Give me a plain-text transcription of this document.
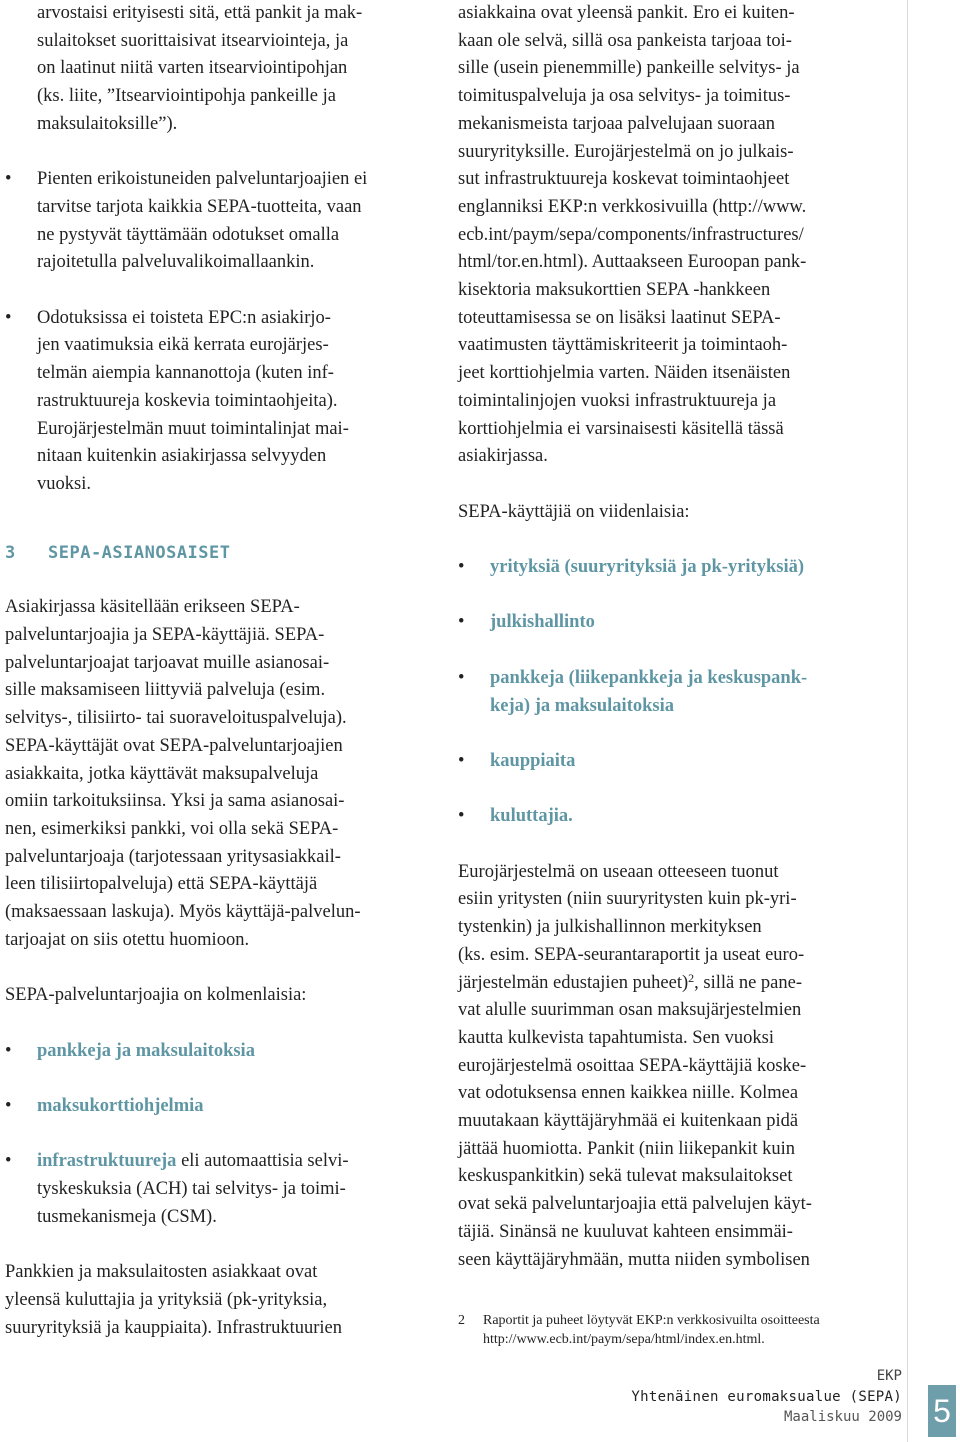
arvostaisi erityisesti sitä, että pankit ja mak-

sulaitokset suorittaisivat itsearviointeja, ja

on laatinut niitä varten itsearviointipohjan

(ks. liite, ”Itsearviointipohja pankeille ja

maksulaitoksille”).

• Pienten erikoistuneiden palveluntarjoajien ei

tarvitse tarjota kaikkia SEPA-tuotteita, vaan

ne pystyvät täyttämään odotukset omalla

rajoitetulla palveluvalikoimallaankin.

• Odotuksissa ei toisteta EPC:n asiakirjo-

jen vaatimuksia eikä kerrata eurojärjes-

telmän aiempia kannanottoja (kuten inf-

rastruktuureja koskevia toimintaohjeita).

Eurojärjestelmän muut toimintalinjat mai-

nitaan kuitenkin asiakirjassa selvyyden

vuoksi.

3 SEPA-ASIANOSAISET

Asiakirjassa käsitellään erikseen SEPA-

palveluntarjoajia ja SEPA-käyttäjiä. SEPA-

palveluntarjoajat tarjoavat muille asianosai-

sille maksamiseen liittyviä palveluja (esim.

selvitys-, tilisiirto- tai suoraveloituspalveluja).

SEPA-käyttäjät ovat SEPA-palveluntarjoajien

asiakkaita, jotka käyttävät maksupalveluja

omiin tarkoituksiinsa. Yksi ja sama asianosai-

nen, esimerkiksi pankki, voi olla sekä SEPA-

palveluntarjoaja (tarjotessaan yritysasiakkail-

leen tilisiirtopalveluja) että SEPA-käyttäjä

(maksaessaan laskuja). Myös käyttäjä-palvelun-

tarjoajat on siis otettu huomioon.

SEPA-palveluntarjoajia on kolmenlaisia:

• pankkeja ja maksulaitoksia

• maksukorttiohjelmia

• infrastruktuureja eli automaattisia selvi-

tyskeskuksia (ACH) tai selvitys- ja toimi-

tusmekanismeja (CSM).

Pankkien ja maksulaitosten asiakkaat ovat

yleensä kuluttajia ja yrityksiä (pk-yrityksia,

suuryrityksiä ja kauppiaita). Infrastruktuurien

asiakkaina ovat yleensä pankit. Ero ei kuiten-

kaan ole selvä, sillä osa pankeista tarjoaa toi-

sille (usein pienemmille) pankeille selvitys- ja

toimituspalveluja ja osa selvitys- ja toimitus-

mekanismeista tarjoaa palvelujaan suoraan

suuryrityksille. Eurojärjestelmä on jo julkais-

sut infrastruktuureja koskevat toimintaohjeet

englanniksi EKP:n verkkosivuilla (http://www.

ecb.int/paym/sepa/components/infrastructures/

html/tor.en.html). Auttaakseen Euroopan pank-

kisektoria maksukorttien SEPA -hankkeen

toteuttamisessa se on lisäksi laatinut SEPA-

vaatimusten täyttämiskriteerit ja toimintaoh-

jeet korttiohjelmia varten. Näiden itsenäisten

toimintalinjojen vuoksi infrastruktuureja ja

korttiohjelmia ei varsinaisesti käsitellä tässä

asiakirjassa.

SEPA-käyttäjiä on viidenlaisia:

• yrityksiä (suuryrityksiä ja pk-yrityksiä)

• julkishallinto

• pankkeja (liikepankkeja ja keskuspank-

keja) ja maksulaitoksia

• kauppiaita

• kuluttajia.

Eurojärjestelmä on useaan otteeseen tuonut

esiin yritysten (niin suuryritysten kuin pk-yri-

tystenkin) ja julkishallinnon merkityksen

(ks. esim. SEPA-seurantaraportit ja useat euro-

järjestelmän edustajien puheet)$^2$, sillä ne pane-

vat alulle suurimman osan maksujärjestelmien

kautta kulkevista tapahtumista. Sen vuoksi

eurojärjestelmä osoittaa SEPA-käyttäjiä koske-

vat odotuksensa ennen kaikkea niille. Kolmea

muutakaan käyttäjäryhmää ei kuitenkaan pidä

jättää huomiotta. Pankit (niin liikepankit kuin

keskuspankitkin) sekä tulevat maksulaitokset

ovat sekä palveluntarjoajia että palvelujen käyt-

täjiä. Sinänsä ne kuuluvat kahteen ensimmäi-

seen käyttäjäryhmään, mutta niiden symbolisen

2 Raportit ja puheet löytyvät EKP:n verkkosivuilta osoitteesta
http://www.ecb.int/paym/sepa/html/index.en.html.
EKP
Yhtenäinen euromaksualue (SEPA)
Maaliskuu 2009 5
